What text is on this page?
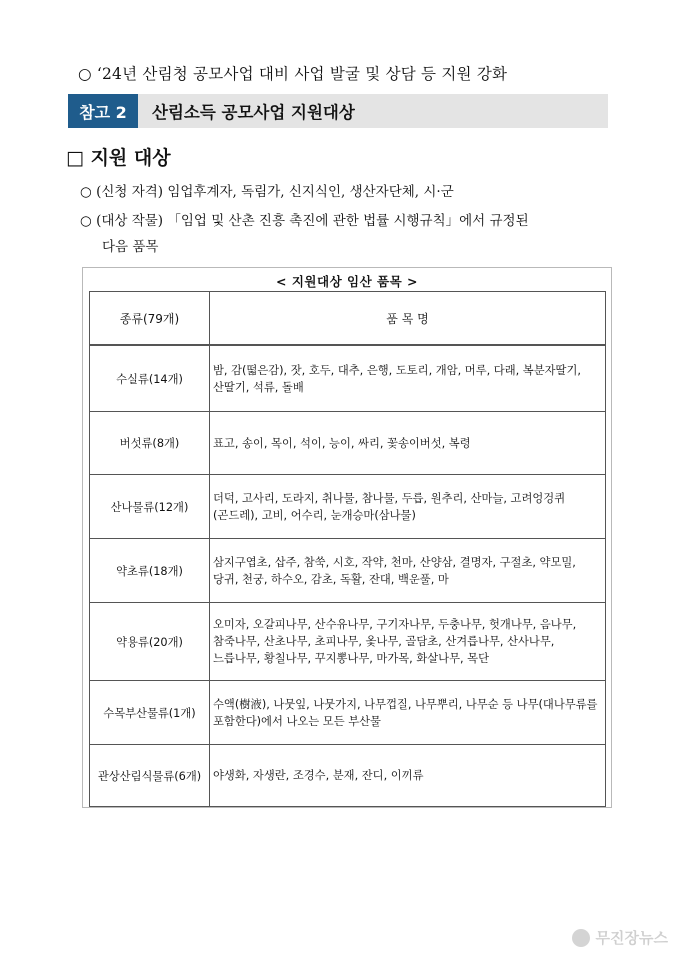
○ ‘24년 산림청 공모사업 대비 사업 발굴 및 상담 등 지원 강화
참고 2	산림소득 공모사업 지원대상
□ 지원 대상
○ (신청 자격) 임업후계자, 독림가, 신지식인, 생산자단체, 시·군
○ (대상 작물) 「임업 및 산촌 진흥 촉진에 관한 법률 시행규칙」에서 규정된
다음 품목
< 지원대상 임산 품목 >
종류(79개)	품 목 명

수실류(14개)	밤, 감(떫은감), 잣, 호두, 대추, 은행, 도토리, 개암, 머루, 다래, 복분자딸기, 산딸기, 석류, 돌배
버섯류(8개)	표고, 송이, 목이, 석이, 능이, 싸리, 꽃송이버섯, 복령
산나물류(12개)	더덕, 고사리, 도라지, 취나물, 참나물, 두릅, 원추리, 산마늘, 고려엉겅퀴(곤드레), 고비, 어수리, 눈개승마(삼나물)
약초류(18개)	삼지구엽초, 삽주, 참쑥, 시호, 작약, 천마, 산양삼, 결명자, 구절초, 약모밀, 당귀, 천궁, 하수오, 감초, 독활, 잔대, 백운풀, 마
약용류(20개)	오미자, 오갈피나무, 산수유나무, 구기자나무, 두충나무, 헛개나무, 음나무, 참죽나무, 산초나무, 초피나무, 옻나무, 골담초, 산겨릅나무, 산사나무, 느릅나무, 황칠나무, 꾸지뽕나무, 마가목, 화살나무, 목단
수목부산물류(1개)	수액(樹液), 나뭇잎, 나뭇가지, 나무껍질, 나무뿌리, 나무순 등 나무(대나무류를 포함한다)에서 나오는 모든 부산물
관상산림식물류(6개)	야생화, 자생란, 조경수, 분재, 잔디, 이끼류
무진장뉴스
